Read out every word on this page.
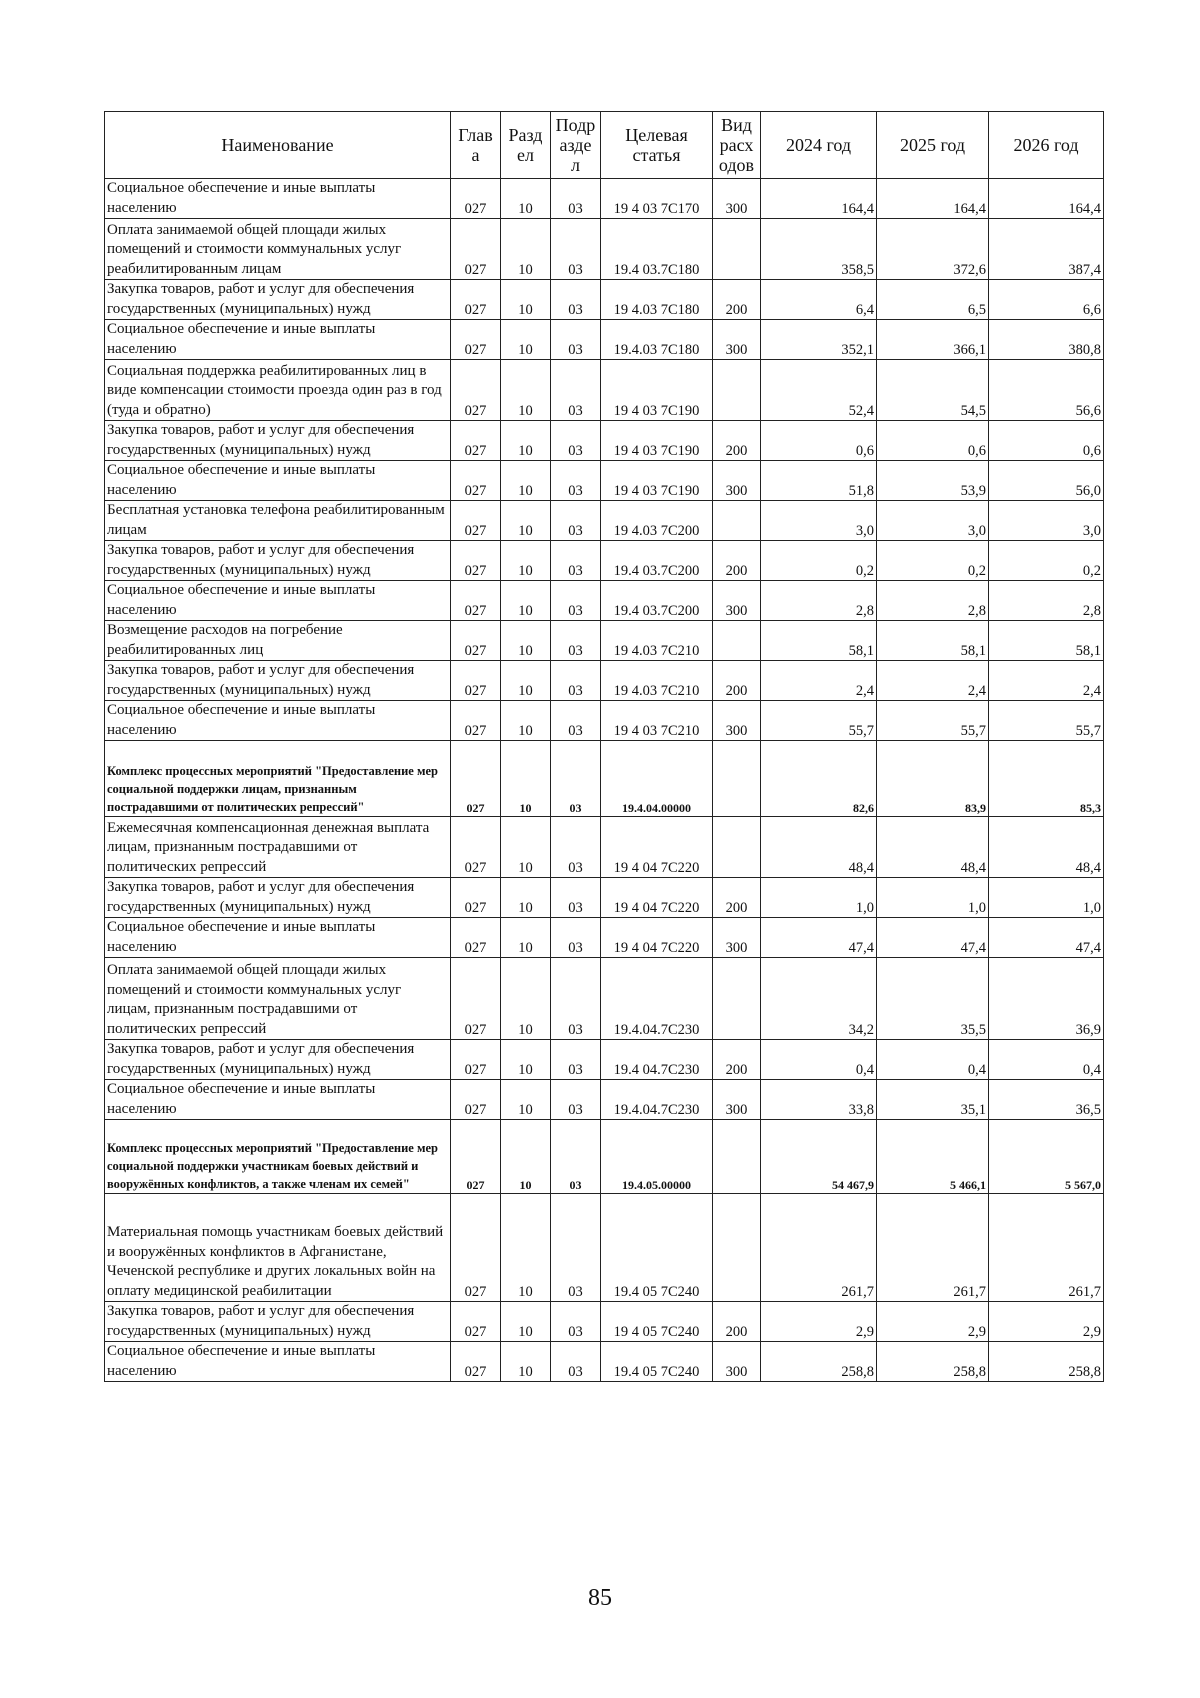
Наименование	Глав а	Разд ел	Подр азде л	Целевая статья	Вид расх одов	2024 год	2025 год	2026 год
Социальное обеспечение и иные выплаты населению	027	10	03	19 4 03 7С170	300	164,4	164,4	164,4
Оплата занимаемой общей площади жилых помещений и стоимости коммунальных услуг реабилитированным лицам	027	10	03	19.4 03.7С180		358,5	372,6	387,4
Закупка товаров, работ и услуг для обеспечения государственных (муниципальных) нужд	027	10	03	19 4.03 7С180	200	6,4	6,5	6,6
Социальное обеспечение и иные выплаты населению	027	10	03	19.4.03 7С180	300	352,1	366,1	380,8
Социальная поддержка реабилитированных лиц в виде компенсации стоимости проезда один раз в год (туда и обратно)	027	10	03	19 4 03 7С190		52,4	54,5	56,6
Закупка товаров, работ и услуг для обеспечения государственных (муниципальных) нужд	027	10	03	19 4 03 7С190	200	0,6	0,6	0,6
Социальное обеспечение и иные выплаты населению	027	10	03	19 4 03 7С190	300	51,8	53,9	56,0
Бесплатная установка телефона реабилитированным лицам	027	10	03	19 4.03 7С200		3,0	3,0	3,0
Закупка товаров, работ и услуг для обеспечения государственных (муниципальных) нужд	027	10	03	19.4 03.7С200	200	0,2	0,2	0,2
Социальное обеспечение и иные выплаты населению	027	10	03	19.4 03.7С200	300	2,8	2,8	2,8
Возмещение расходов на погребение реабилитированных лиц	027	10	03	19 4.03 7С210		58,1	58,1	58,1
Закупка товаров, работ и услуг для обеспечения государственных (муниципальных) нужд	027	10	03	19 4.03 7С210	200	2,4	2,4	2,4
Социальное обеспечение и иные выплаты населению	027	10	03	19 4 03 7С210	300	55,7	55,7	55,7
Комплекс процессных мероприятий "Предоставление мер социальной поддержки лицам, признанным пострадавшими от политических репрессий"	027	10	03	19.4.04.00000		82,6	83,9	85,3
Ежемесячная компенсационная денежная выплата лицам, признанным пострадавшими от политических репрессий	027	10	03	19 4 04 7С220		48,4	48,4	48,4
Закупка товаров, работ и услуг для обеспечения государственных (муниципальных) нужд	027	10	03	19 4 04 7С220	200	1,0	1,0	1,0
Социальное обеспечение и иные выплаты населению	027	10	03	19 4 04 7С220	300	47,4	47,4	47,4
Оплата занимаемой общей площади жилых помещений и стоимости коммунальных услуг лицам, признанным пострадавшими от политических репрессий	027	10	03	19.4.04.7С230		34,2	35,5	36,9
Закупка товаров, работ и услуг для обеспечения государственных (муниципальных) нужд	027	10	03	19.4 04.7С230	200	0,4	0,4	0,4
Социальное обеспечение и иные выплаты населению	027	10	03	19.4.04.7С230	300	33,8	35,1	36,5
Комплекс процессных мероприятий "Предоставление мер социальной поддержки участникам боевых действий и вооружённых конфликтов, а также членам их семей"	027	10	03	19.4.05.00000		54 467,9	5 466,1	5 567,0
Материальная помощь участникам боевых действий и вооружённых конфликтов в Афганистане, Чеченской республике и других локальных войн на оплату медицинской реабилитации	027	10	03	19.4 05 7С240		261,7	261,7	261,7
Закупка товаров, работ и услуг для обеспечения государственных (муниципальных) нужд	027	10	03	19 4 05 7С240	200	2,9	2,9	2,9
Социальное обеспечение и иные выплаты населению	027	10	03	19.4 05 7С240	300	258,8	258,8	258,8
85
